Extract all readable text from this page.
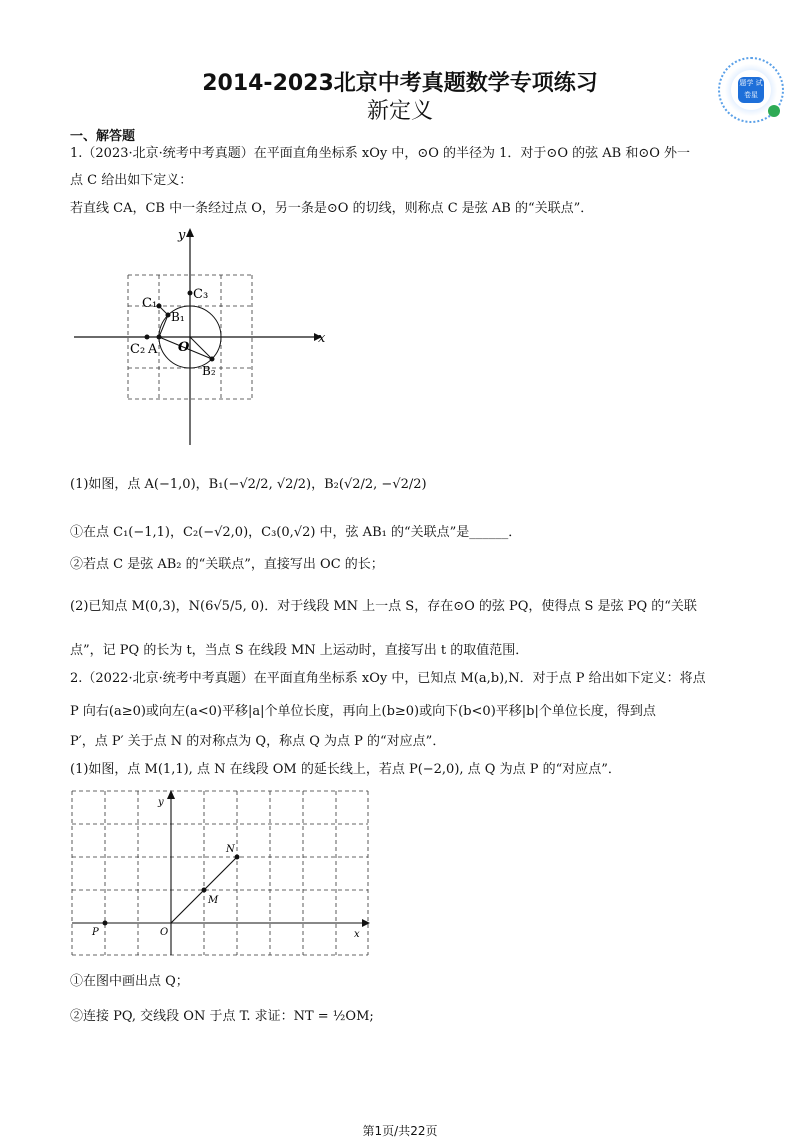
2014-2023北京中考真题数学专项练习
新定义
题学 试卷星
一、解答题
1.（2023·北京·统考中考真题）在平面直角坐标系 xOy 中，⊙O 的半径为 1．对于⊙O 的弦 AB 和⊙O 外一
点 C 给出如下定义：
若直线 CA，CB 中一条经过点 O，另一条是⊙O 的切线，则称点 C 是弦 AB 的“关联点”．
y
x
O
A
C₂
C₁
C₃
B₁
B₂
(1)如图，点 A(−1,0)，B₁(−√2/2, √2/2)，B₂(√2/2, −√2/2)
①在点 C₁(−1,1)，C₂(−√2,0)，C₃(0,√2) 中，弦 AB₁ 的“关联点”是______．
②若点 C 是弦 AB₂ 的“关联点”，直接写出 OC 的长；
(2)已知点 M(0,3)，N(6√5/5, 0)．对于线段 MN 上一点 S，存在⊙O 的弦 PQ，使得点 S 是弦 PQ 的“关联
点”，记 PQ 的长为 t，当点 S 在线段 MN 上运动时，直接写出 t 的取值范围．
2.（2022·北京·统考中考真题）在平面直角坐标系 xOy 中，已知点 M(a,b),N．对于点 P 给出如下定义：将点
P 向右(a≥0)或向左(a<0)平移|a|个单位长度，再向上(b≥0)或向下(b<0)平移|b|个单位长度，得到点
P′，点 P′ 关于点 N 的对称点为 Q，称点 Q 为点 P 的“对应点”．
(1)如图，点 M(1,1), 点 N 在线段 OM 的延长线上，若点 P(−2,0), 点 Q 为点 P 的“对应点”．
y
x
O
P
M
N
①在图中画出点 Q；
②连接 PQ, 交线段 ON 于点 T. 求证：NT = ½OM;
第1页/共22页
